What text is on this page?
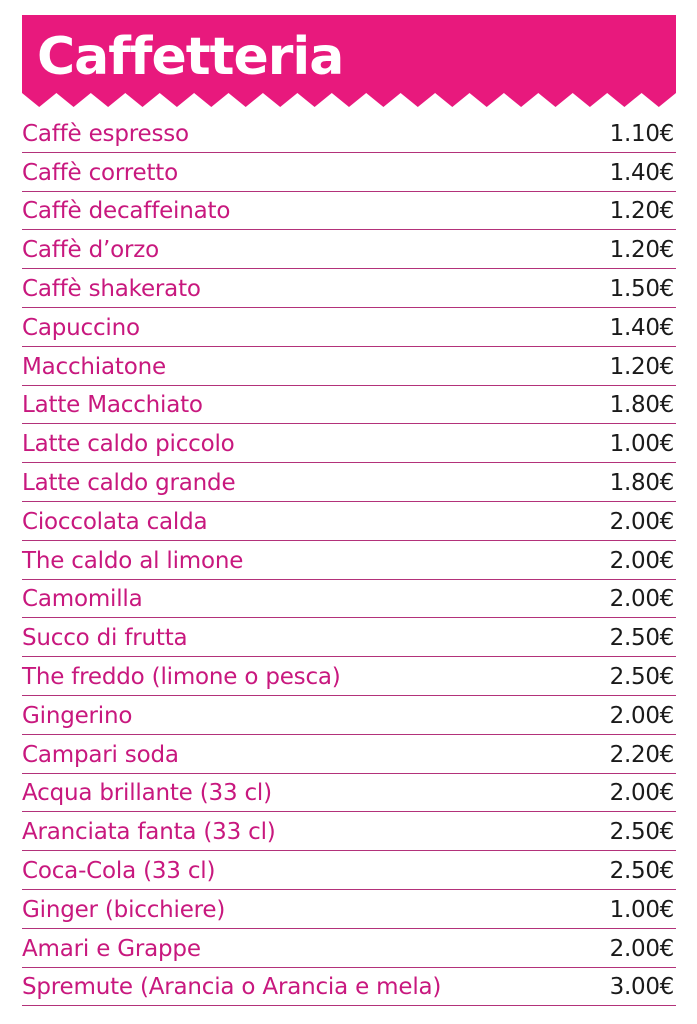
Caffetteria
Caffè espresso	1.10€
Caffè corretto	1.40€
Caffè decaffeinato	1.20€
Caffè d’orzo	1.20€
Caffè shakerato	1.50€
Capuccino	1.40€
Macchiatone	1.20€
Latte Macchiato	1.80€
Latte caldo piccolo	1.00€
Latte caldo grande	1.80€
Cioccolata calda	2.00€
The caldo al limone	2.00€
Camomilla	2.00€
Succo di frutta	2.50€
The freddo (limone o pesca)	2.50€
Gingerino	2.00€
Campari soda	2.20€
Acqua brillante (33 cl)	2.00€
Aranciata fanta (33 cl)	2.50€
Coca-Cola (33 cl)	2.50€
Ginger (bicchiere)	1.00€
Amari e Grappe	2.00€
Spremute (Arancia o Arancia e mela)	3.00€
